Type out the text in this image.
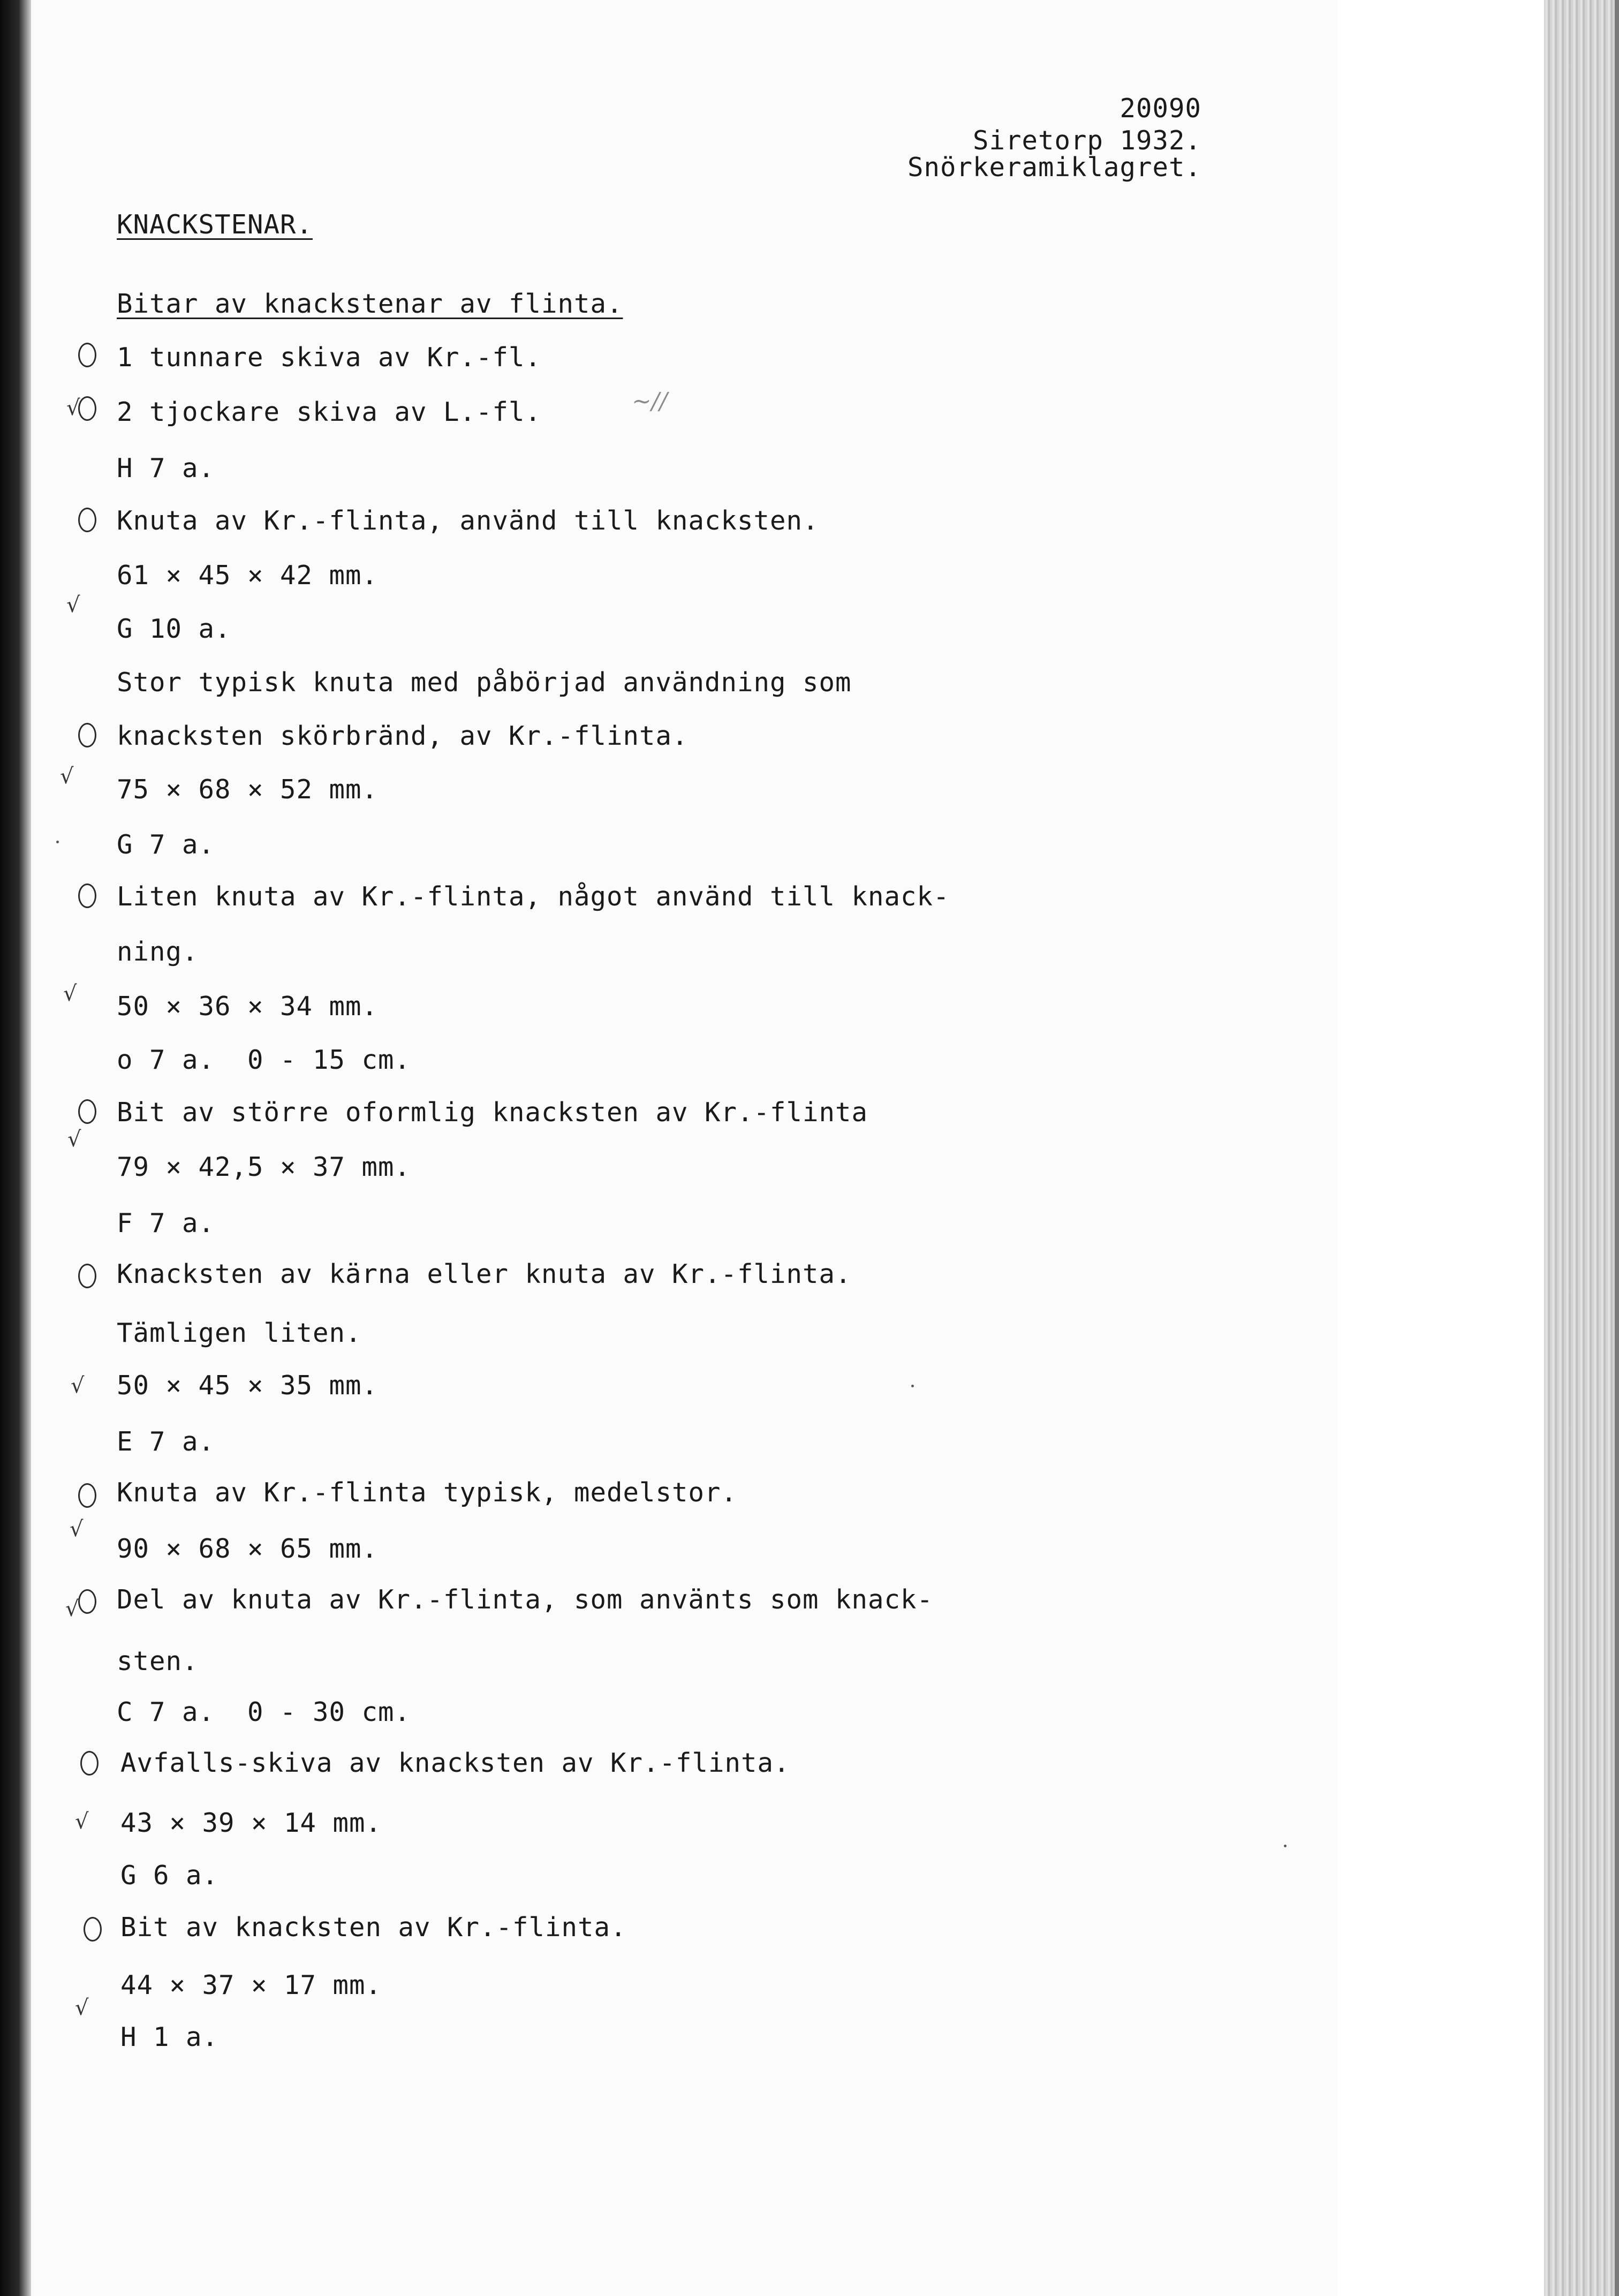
20090
Siretorp 1932.
Snörkeramiklagret.
KNACKSTENAR.
Bitar av knackstenar av flinta.
1 tunnare skiva av Kr.-fl.
2 tjockare skiva av L.-fl.
H 7 a.
Knuta av Kr.-flinta, använd till knacksten.
61 × 45 × 42 mm.
G 10 a.
Stor typisk knuta med påbörjad användning som
knacksten skörbränd, av Kr.-flinta.
75 × 68 × 52 mm.
G 7 a.
Liten knuta av Kr.-flinta, något använd till knack-
ning.
50 × 36 × 34 mm.
o 7 a.  0 - 15 cm.
Bit av större oformlig knacksten av Kr.-flinta
79 × 42,5 × 37 mm.
F 7 a.
Knacksten av kärna eller knuta av Kr.-flinta.
Tämligen liten.
50 × 45 × 35 mm.
E 7 a.
Knuta av Kr.-flinta typisk, medelstor.
90 × 68 × 65 mm.
Del av knuta av Kr.-flinta, som använts som knack-
sten.
C 7 a.  0 - 30 cm.
Avfalls-skiva av knacksten av Kr.-flinta.
43 × 39 × 14 mm.
G 6 a.
Bit av knacksten av Kr.-flinta.
44 × 37 × 17 mm.
H 1 a.
√
√
√
√
√
√
√
√
√
√
~∕∕
